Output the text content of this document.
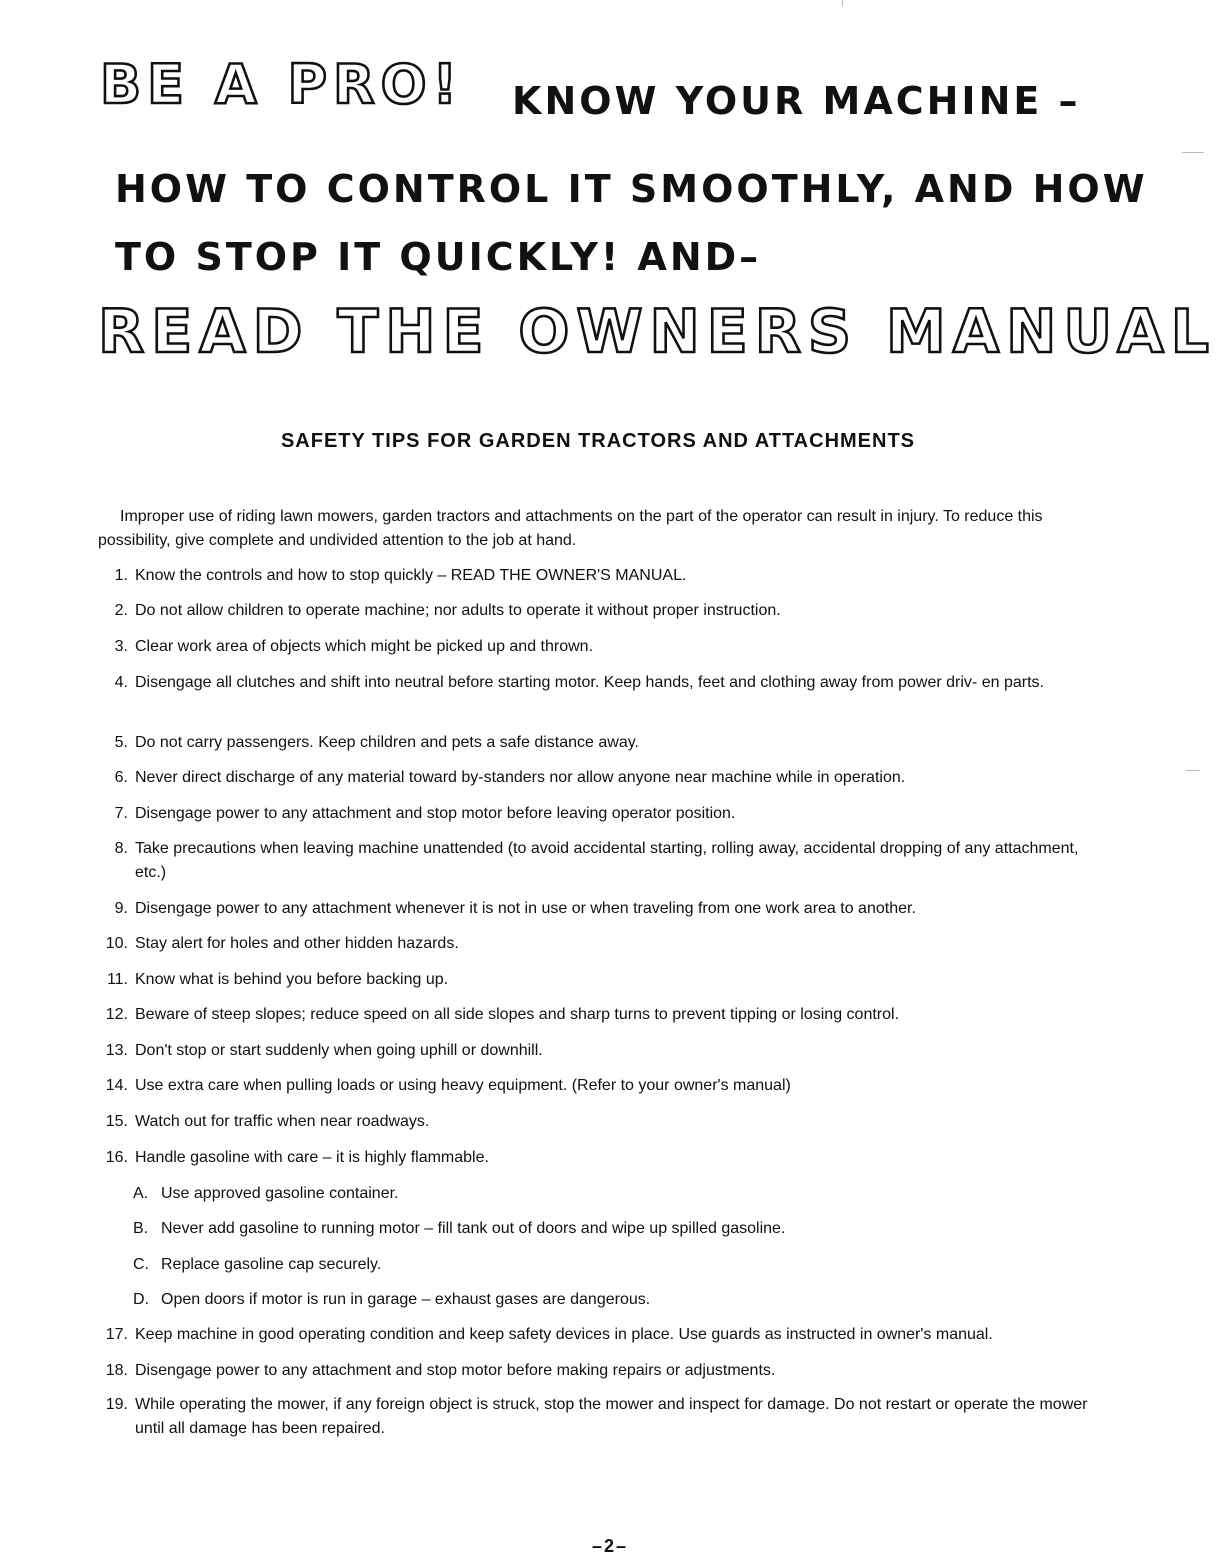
BE A PRO! KNOW YOUR MACHINE –
HOW TO CONTROL IT SMOOTHLY, AND HOW
TO STOP IT QUICKLY! AND–
READ THE OWNERS MANUAL
SAFETY TIPS FOR GARDEN TRACTORS AND ATTACHMENTS
Improper use of riding lawn mowers, garden tractors and attachments on the part of the operator can result in injury. To reduce this possibility, give complete and undivided attention to the job at hand.
1. Know the controls and how to stop quickly – READ THE OWNER'S MANUAL.
2. Do not allow children to operate machine; nor adults to operate it without proper instruction.
3. Clear work area of objects which might be picked up and thrown.
4. Disengage all clutches and shift into neutral before starting motor. Keep hands, feet and clothing away from power driv- en parts.
5. Do not carry passengers. Keep children and pets a safe distance away.
6. Never direct discharge of any material toward by-standers nor allow anyone near machine while in operation.
7. Disengage power to any attachment and stop motor before leaving operator position.
8. Take precautions when leaving machine unattended (to avoid accidental starting, rolling away, accidental dropping of any attachment, etc.)
9. Disengage power to any attachment whenever it is not in use or when traveling from one work area to another.
10. Stay alert for holes and other hidden hazards.
11. Know what is behind you before backing up.
12. Beware of steep slopes; reduce speed on all side slopes and sharp turns to prevent tipping or losing control.
13. Don't stop or start suddenly when going uphill or downhill.
14. Use extra care when pulling loads or using heavy equipment. (Refer to your owner's manual)
15. Watch out for traffic when near roadways.
16. Handle gasoline with care – it is highly flammable.
A. Use approved gasoline container.
B. Never add gasoline to running motor – fill tank out of doors and wipe up spilled gasoline.
C. Replace gasoline cap securely.
D. Open doors if motor is run in garage – exhaust gases are dangerous.
17. Keep machine in good operating condition and keep safety devices in place. Use guards as instructed in owner's manual.
18. Disengage power to any attachment and stop motor before making repairs or adjustments.
19. While operating the mower, if any foreign object is struck, stop the mower and inspect for damage. Do not restart or operate the mower until all damage has been repaired.
–2–
